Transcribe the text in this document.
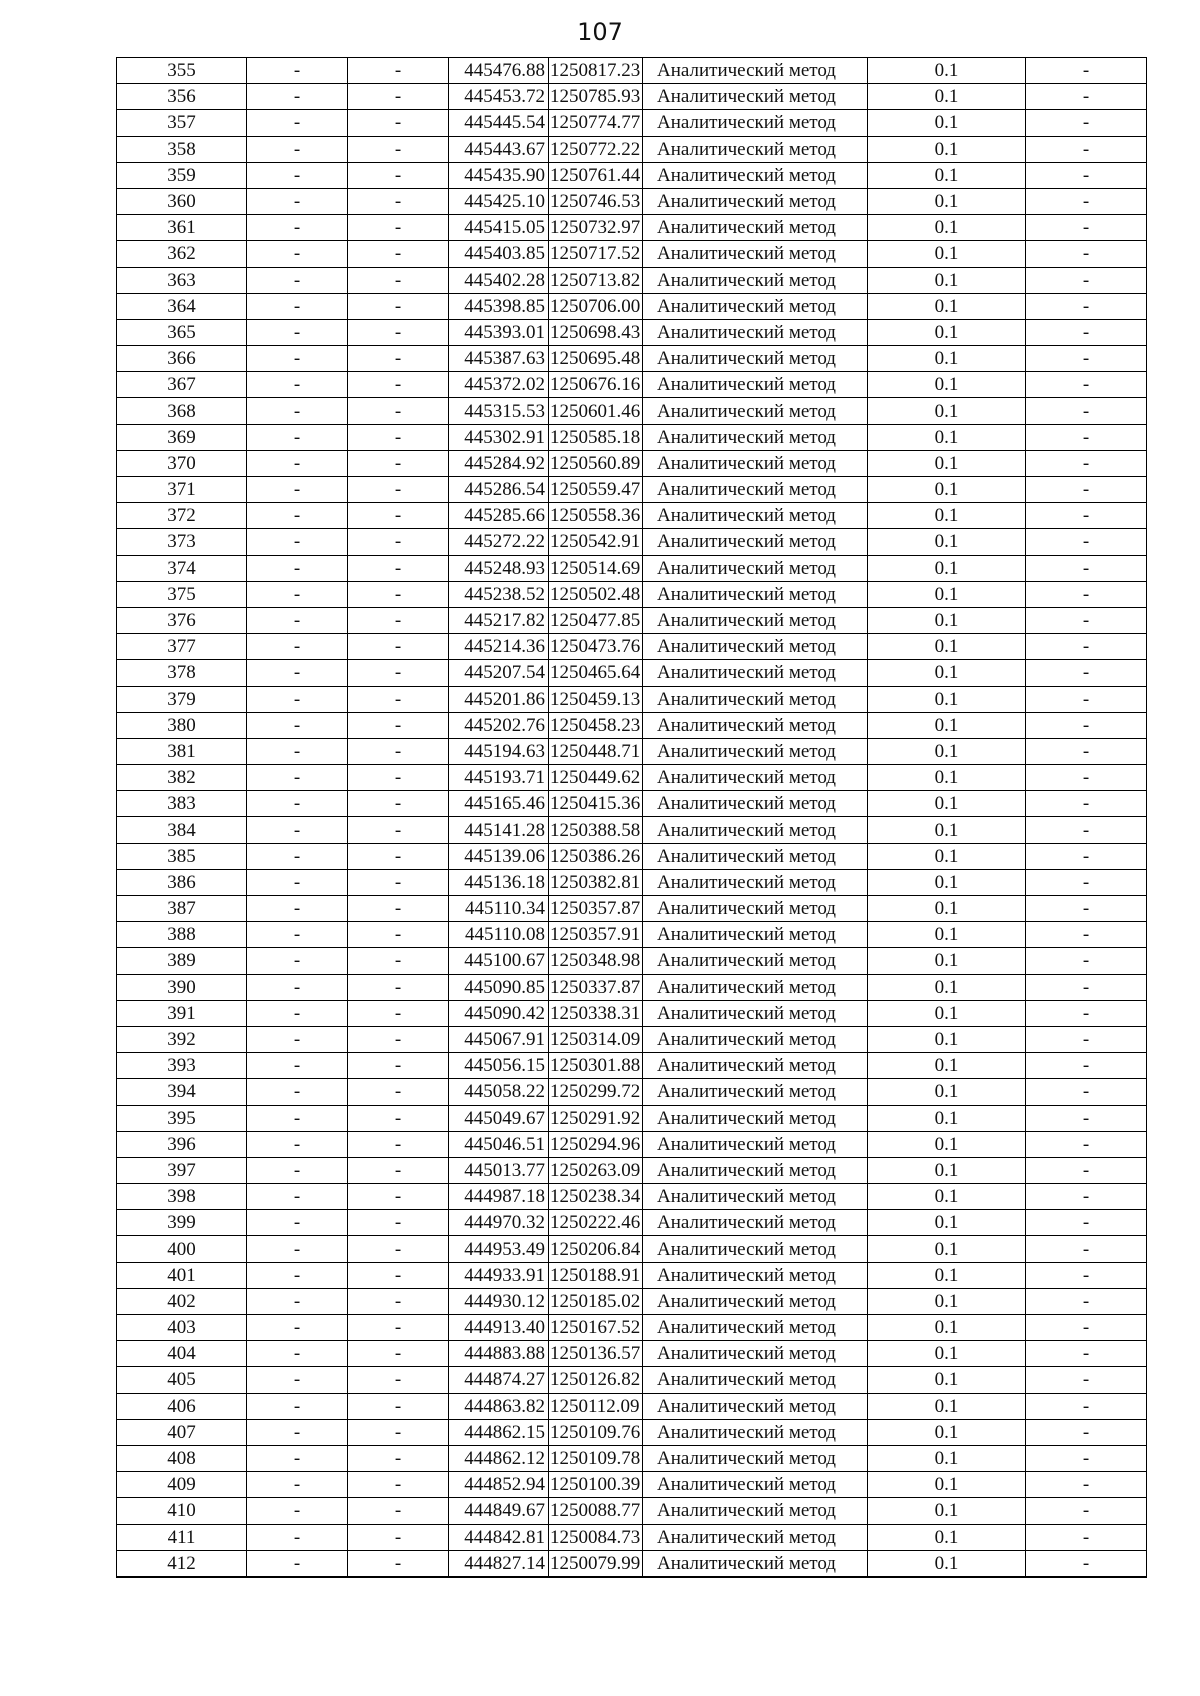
107
355	-	-	445476.88	1250817.23	Аналитический метод	0.1	-
356	-	-	445453.72	1250785.93	Аналитический метод	0.1	-
357	-	-	445445.54	1250774.77	Аналитический метод	0.1	-
358	-	-	445443.67	1250772.22	Аналитический метод	0.1	-
359	-	-	445435.90	1250761.44	Аналитический метод	0.1	-
360	-	-	445425.10	1250746.53	Аналитический метод	0.1	-
361	-	-	445415.05	1250732.97	Аналитический метод	0.1	-
362	-	-	445403.85	1250717.52	Аналитический метод	0.1	-
363	-	-	445402.28	1250713.82	Аналитический метод	0.1	-
364	-	-	445398.85	1250706.00	Аналитический метод	0.1	-
365	-	-	445393.01	1250698.43	Аналитический метод	0.1	-
366	-	-	445387.63	1250695.48	Аналитический метод	0.1	-
367	-	-	445372.02	1250676.16	Аналитический метод	0.1	-
368	-	-	445315.53	1250601.46	Аналитический метод	0.1	-
369	-	-	445302.91	1250585.18	Аналитический метод	0.1	-
370	-	-	445284.92	1250560.89	Аналитический метод	0.1	-
371	-	-	445286.54	1250559.47	Аналитический метод	0.1	-
372	-	-	445285.66	1250558.36	Аналитический метод	0.1	-
373	-	-	445272.22	1250542.91	Аналитический метод	0.1	-
374	-	-	445248.93	1250514.69	Аналитический метод	0.1	-
375	-	-	445238.52	1250502.48	Аналитический метод	0.1	-
376	-	-	445217.82	1250477.85	Аналитический метод	0.1	-
377	-	-	445214.36	1250473.76	Аналитический метод	0.1	-
378	-	-	445207.54	1250465.64	Аналитический метод	0.1	-
379	-	-	445201.86	1250459.13	Аналитический метод	0.1	-
380	-	-	445202.76	1250458.23	Аналитический метод	0.1	-
381	-	-	445194.63	1250448.71	Аналитический метод	0.1	-
382	-	-	445193.71	1250449.62	Аналитический метод	0.1	-
383	-	-	445165.46	1250415.36	Аналитический метод	0.1	-
384	-	-	445141.28	1250388.58	Аналитический метод	0.1	-
385	-	-	445139.06	1250386.26	Аналитический метод	0.1	-
386	-	-	445136.18	1250382.81	Аналитический метод	0.1	-
387	-	-	445110.34	1250357.87	Аналитический метод	0.1	-
388	-	-	445110.08	1250357.91	Аналитический метод	0.1	-
389	-	-	445100.67	1250348.98	Аналитический метод	0.1	-
390	-	-	445090.85	1250337.87	Аналитический метод	0.1	-
391	-	-	445090.42	1250338.31	Аналитический метод	0.1	-
392	-	-	445067.91	1250314.09	Аналитический метод	0.1	-
393	-	-	445056.15	1250301.88	Аналитический метод	0.1	-
394	-	-	445058.22	1250299.72	Аналитический метод	0.1	-
395	-	-	445049.67	1250291.92	Аналитический метод	0.1	-
396	-	-	445046.51	1250294.96	Аналитический метод	0.1	-
397	-	-	445013.77	1250263.09	Аналитический метод	0.1	-
398	-	-	444987.18	1250238.34	Аналитический метод	0.1	-
399	-	-	444970.32	1250222.46	Аналитический метод	0.1	-
400	-	-	444953.49	1250206.84	Аналитический метод	0.1	-
401	-	-	444933.91	1250188.91	Аналитический метод	0.1	-
402	-	-	444930.12	1250185.02	Аналитический метод	0.1	-
403	-	-	444913.40	1250167.52	Аналитический метод	0.1	-
404	-	-	444883.88	1250136.57	Аналитический метод	0.1	-
405	-	-	444874.27	1250126.82	Аналитический метод	0.1	-
406	-	-	444863.82	1250112.09	Аналитический метод	0.1	-
407	-	-	444862.15	1250109.76	Аналитический метод	0.1	-
408	-	-	444862.12	1250109.78	Аналитический метод	0.1	-
409	-	-	444852.94	1250100.39	Аналитический метод	0.1	-
410	-	-	444849.67	1250088.77	Аналитический метод	0.1	-
411	-	-	444842.81	1250084.73	Аналитический метод	0.1	-
412	-	-	444827.14	1250079.99	Аналитический метод	0.1	-
